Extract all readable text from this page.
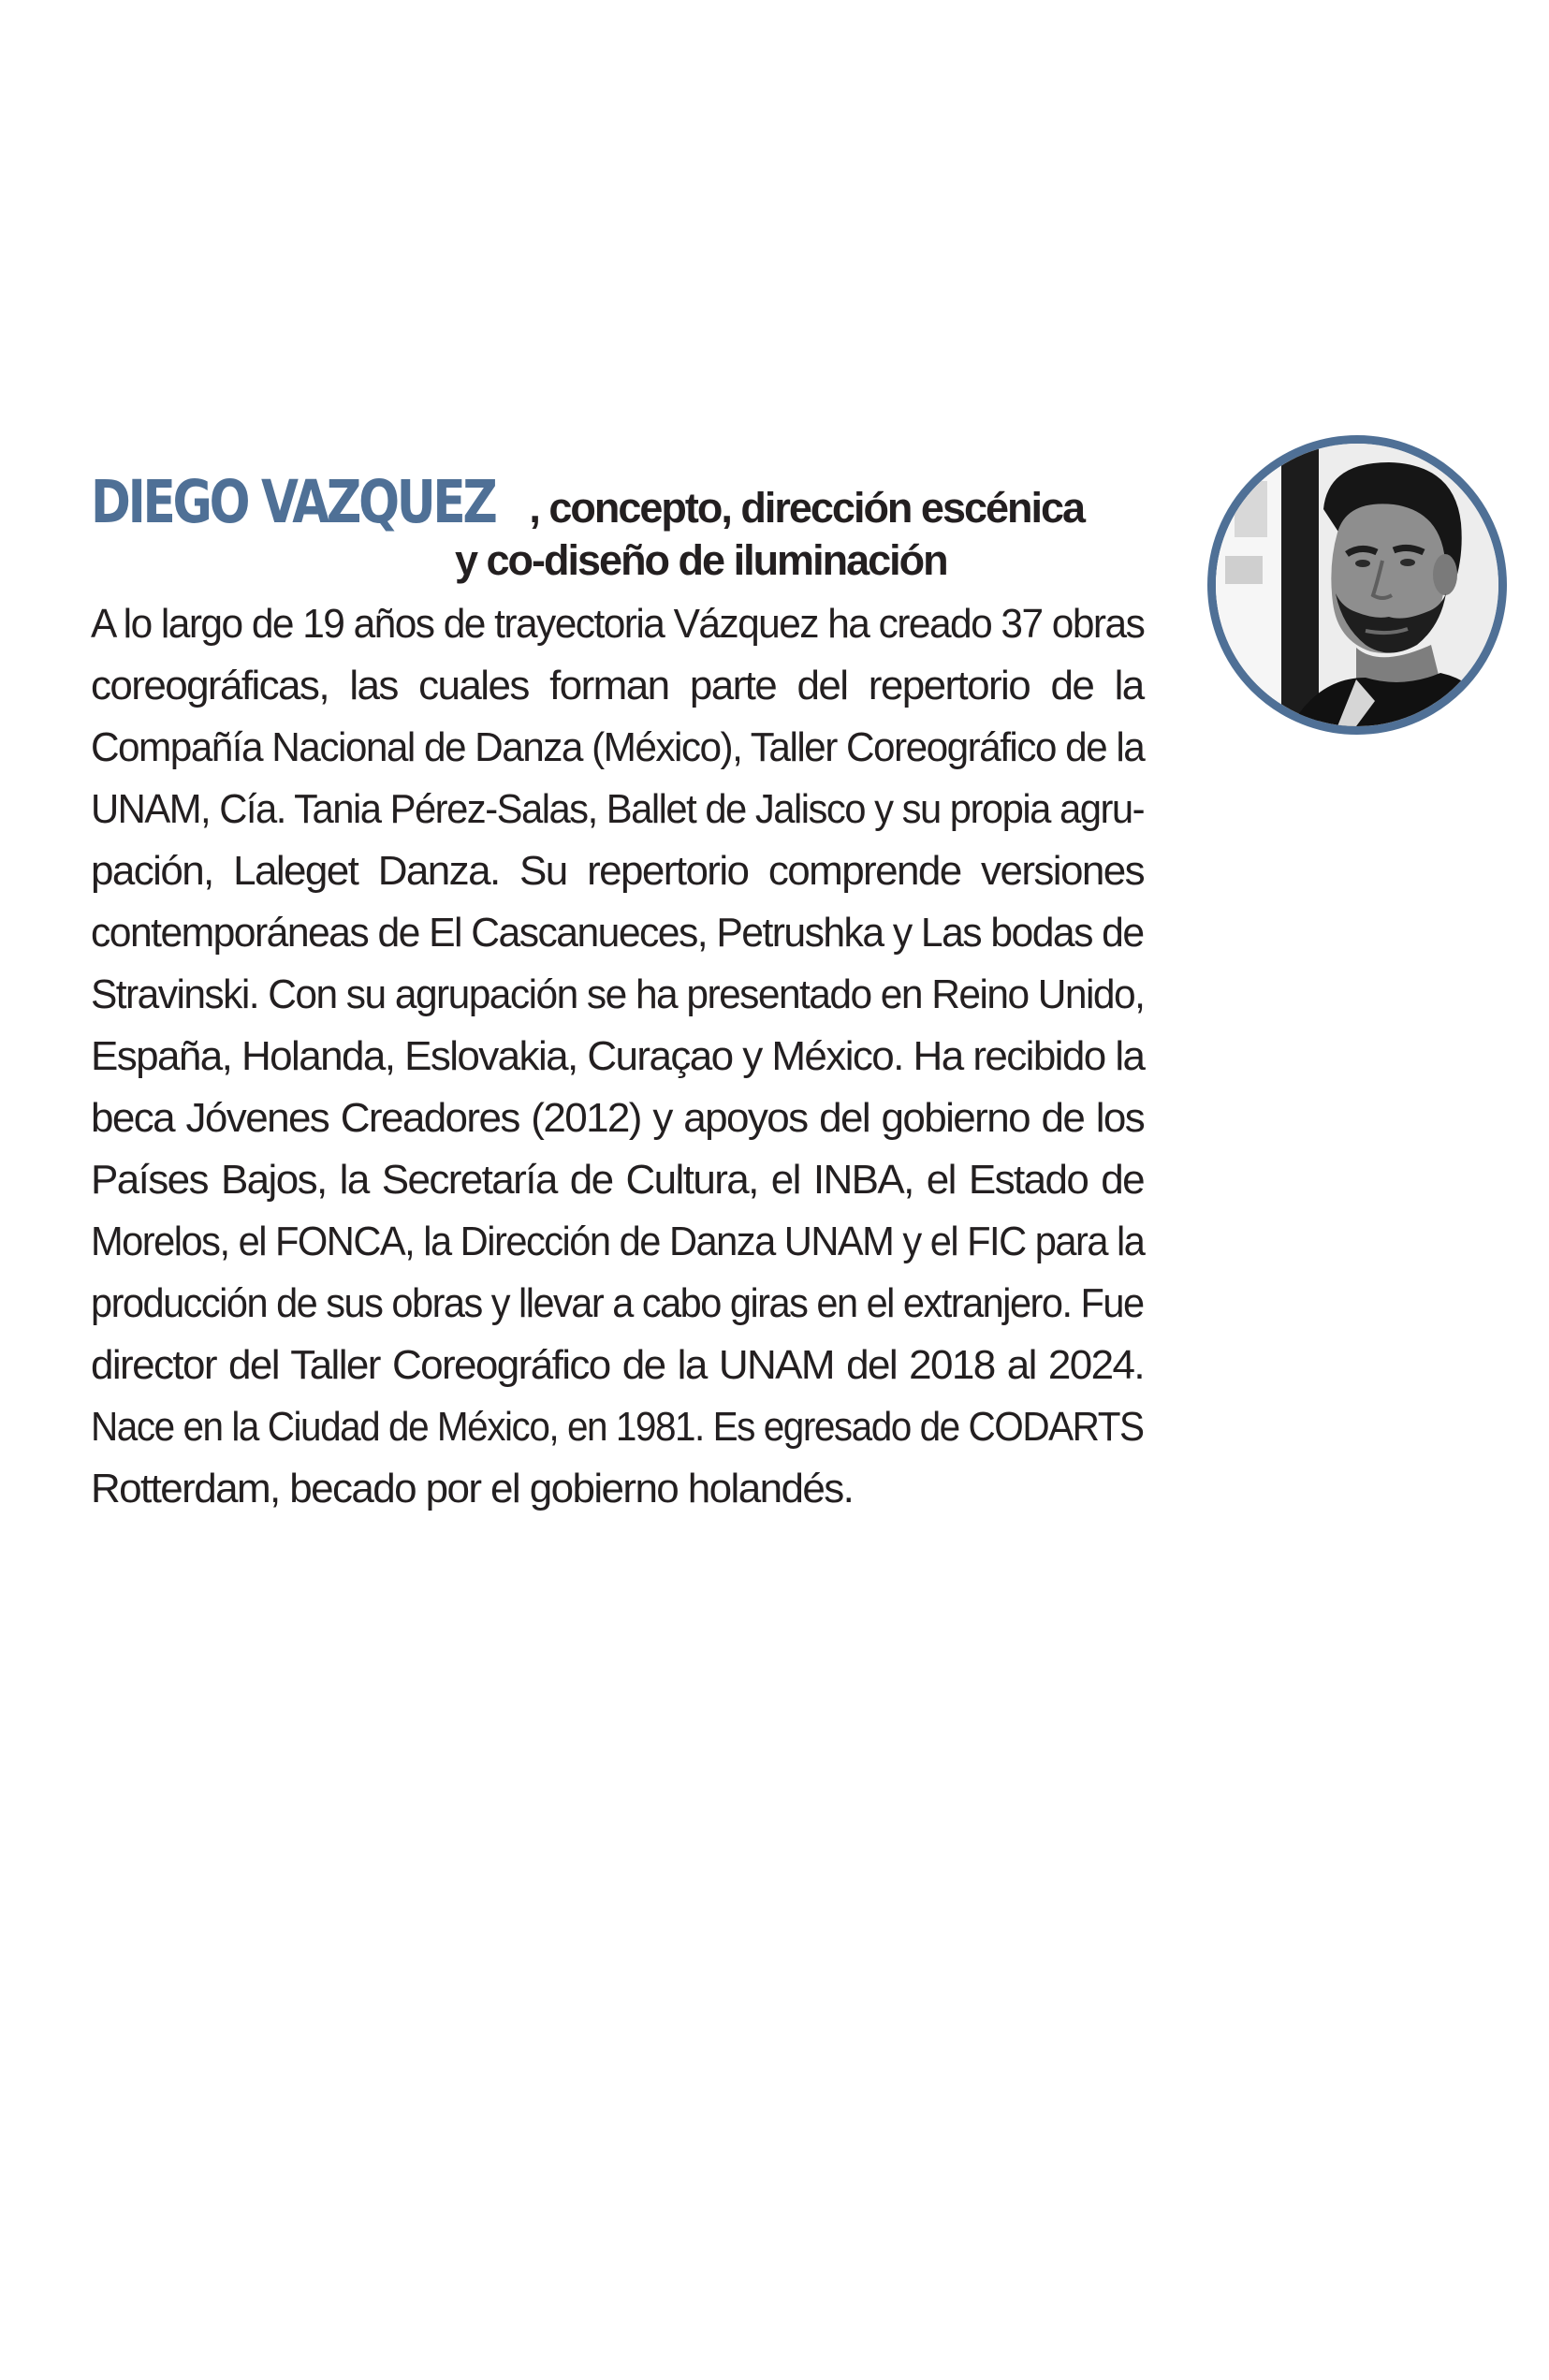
DIEGO VAZQUEZ , concepto, dirección escénica
y co-diseño de iluminación
A lo largo de 19 años de trayectoria Vázquez ha creado 37 obras
coreográficas, las cuales forman parte del repertorio de la
Compañía Nacional de Danza (México), Taller Coreográfico de la
UNAM, Cía. Tania Pérez-Salas, Ballet de Jalisco y su propia agru-
pación, Laleget Danza. Su repertorio comprende versiones
contemporáneas de El Cascanueces, Petrushka y Las bodas de
Stravinski. Con su agrupación se ha presentado en Reino Unido,
España, Holanda, Eslovakia, Curaçao y México. Ha recibido la
beca Jóvenes Creadores (2012) y apoyos del gobierno de los
Países Bajos, la Secretaría de Cultura, el INBA, el Estado de
Morelos, el FONCA, la Dirección de Danza UNAM y el FIC para la
producción de sus obras y llevar a cabo giras en el extranjero. Fue
director del Taller Coreográfico de la UNAM del 2018 al 2024.
Nace en la Ciudad de México, en 1981. Es egresado de CODARTS
Rotterdam, becado por el gobierno holandés.
